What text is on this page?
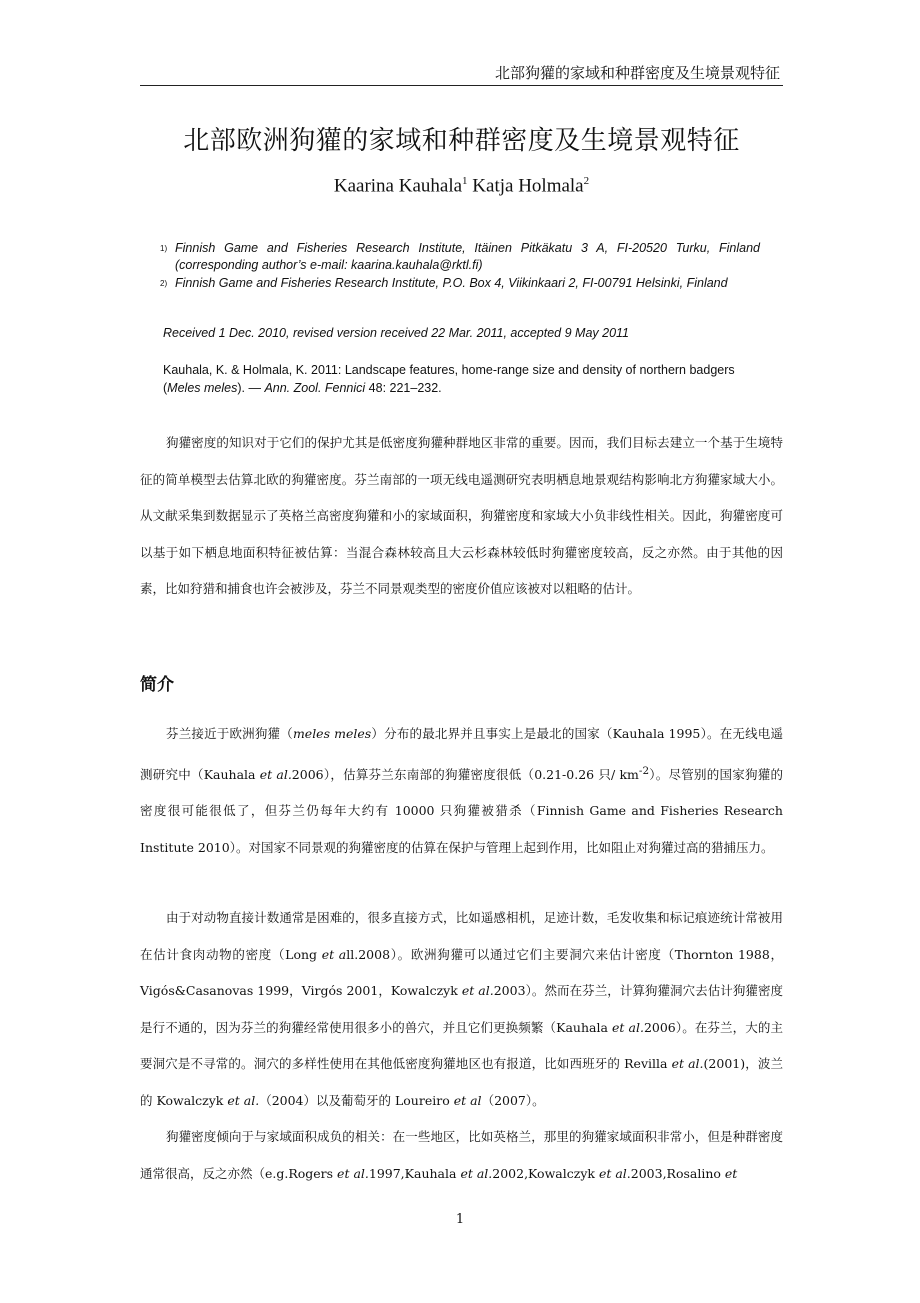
北部狗獾的家域和种群密度及生境景观特征
北部欧洲狗獾的家域和种群密度及生境景观特征
Kaarina Kauhala$^1$ Katja Holmala$^2$
1) Finnish Game and Fisheries Research Institute, Itäinen Pitkäkatu 3 A, FI-20520 Turku, Finland (corresponding author’s e-mail: kaarina.kauhala@rktl.fi)
2) Finnish Game and Fisheries Research Institute, P.O. Box 4, Viikinkaari 2, FI-00791 Helsinki, Finland
Received 1 Dec. 2010, revised version received 22 Mar. 2011, accepted 9 May 2011
Kauhala, K. & Holmala, K. 2011: Landscape features, home-range size and density of northern badgers (Meles meles). — Ann. Zool. Fennici 48: 221–232.
狗獾密度的知识对于它们的保护尤其是低密度狗獾种群地区非常的重要。因而，我们目标去建立一个基于生境特征的简单模型去估算北欧的狗獾密度。芬兰南部的一项无线电遥测研究表明栖息地景观结构影响北方狗獾家域大小。从文献采集到数据显示了英格兰高密度狗獾和小的家域面积，狗獾密度和家域大小负非线性相关。因此，狗獾密度可以基于如下栖息地面积特征被估算：当混合森林较高且大云杉森林较低时狗獾密度较高，反之亦然。由于其他的因素，比如狩猎和捕食也许会被涉及，芬兰不同景观类型的密度价值应该被对以粗略的估计。
简介
芬兰接近于欧洲狗獾（meles meles）分布的最北界并且事实上是最北的国家（Kauhala 1995）。在无线电遥测研究中（Kauhala et al.2006），估算芬兰东南部的狗獾密度很低（0.21-0.26 只/ $km^{-2}$）。尽管别的国家狗獾的密度很可能很低了，但芬兰仍每年大约有 10000 只狗獾被猎杀（Finnish Game and Fisheries Research Institute 2010）。对国家不同景观的狗獾密度的估算在保护与管理上起到作用，比如阻止对狗獾过高的猎捕压力。
由于对动物直接计数通常是困难的，很多直接方式，比如遥感相机，足迹计数，毛发收集和标记痕迹统计常被用在估计食肉动物的密度（Long et all.2008）。欧洲狗獾可以通过它们主要洞穴来估计密度（Thornton 1988，Vigós&Casanovas 1999，Virgós 2001，Kowalczyk et al.2003）。然而在芬兰，计算狗獾洞穴去估计狗獾密度是行不通的，因为芬兰的狗獾经常使用很多小的兽穴，并且它们更换频繁（Kauhala et al.2006）。在芬兰，大的主要洞穴是不寻常的。洞穴的多样性使用在其他低密度狗獾地区也有报道，比如西班牙的 Revilla et al.(2001)，波兰的 Kowalczyk et al.（2004）以及葡萄牙的 Loureiro et al（2007）。
狗獾密度倾向于与家域面积成负的相关：在一些地区，比如英格兰，那里的狗獾家域面积非常小，但是种群密度通常很高，反之亦然（e.g.Rogers et al.1997,Kauhala et al.2002,Kowalczyk et al.2003,Rosalino et
1
